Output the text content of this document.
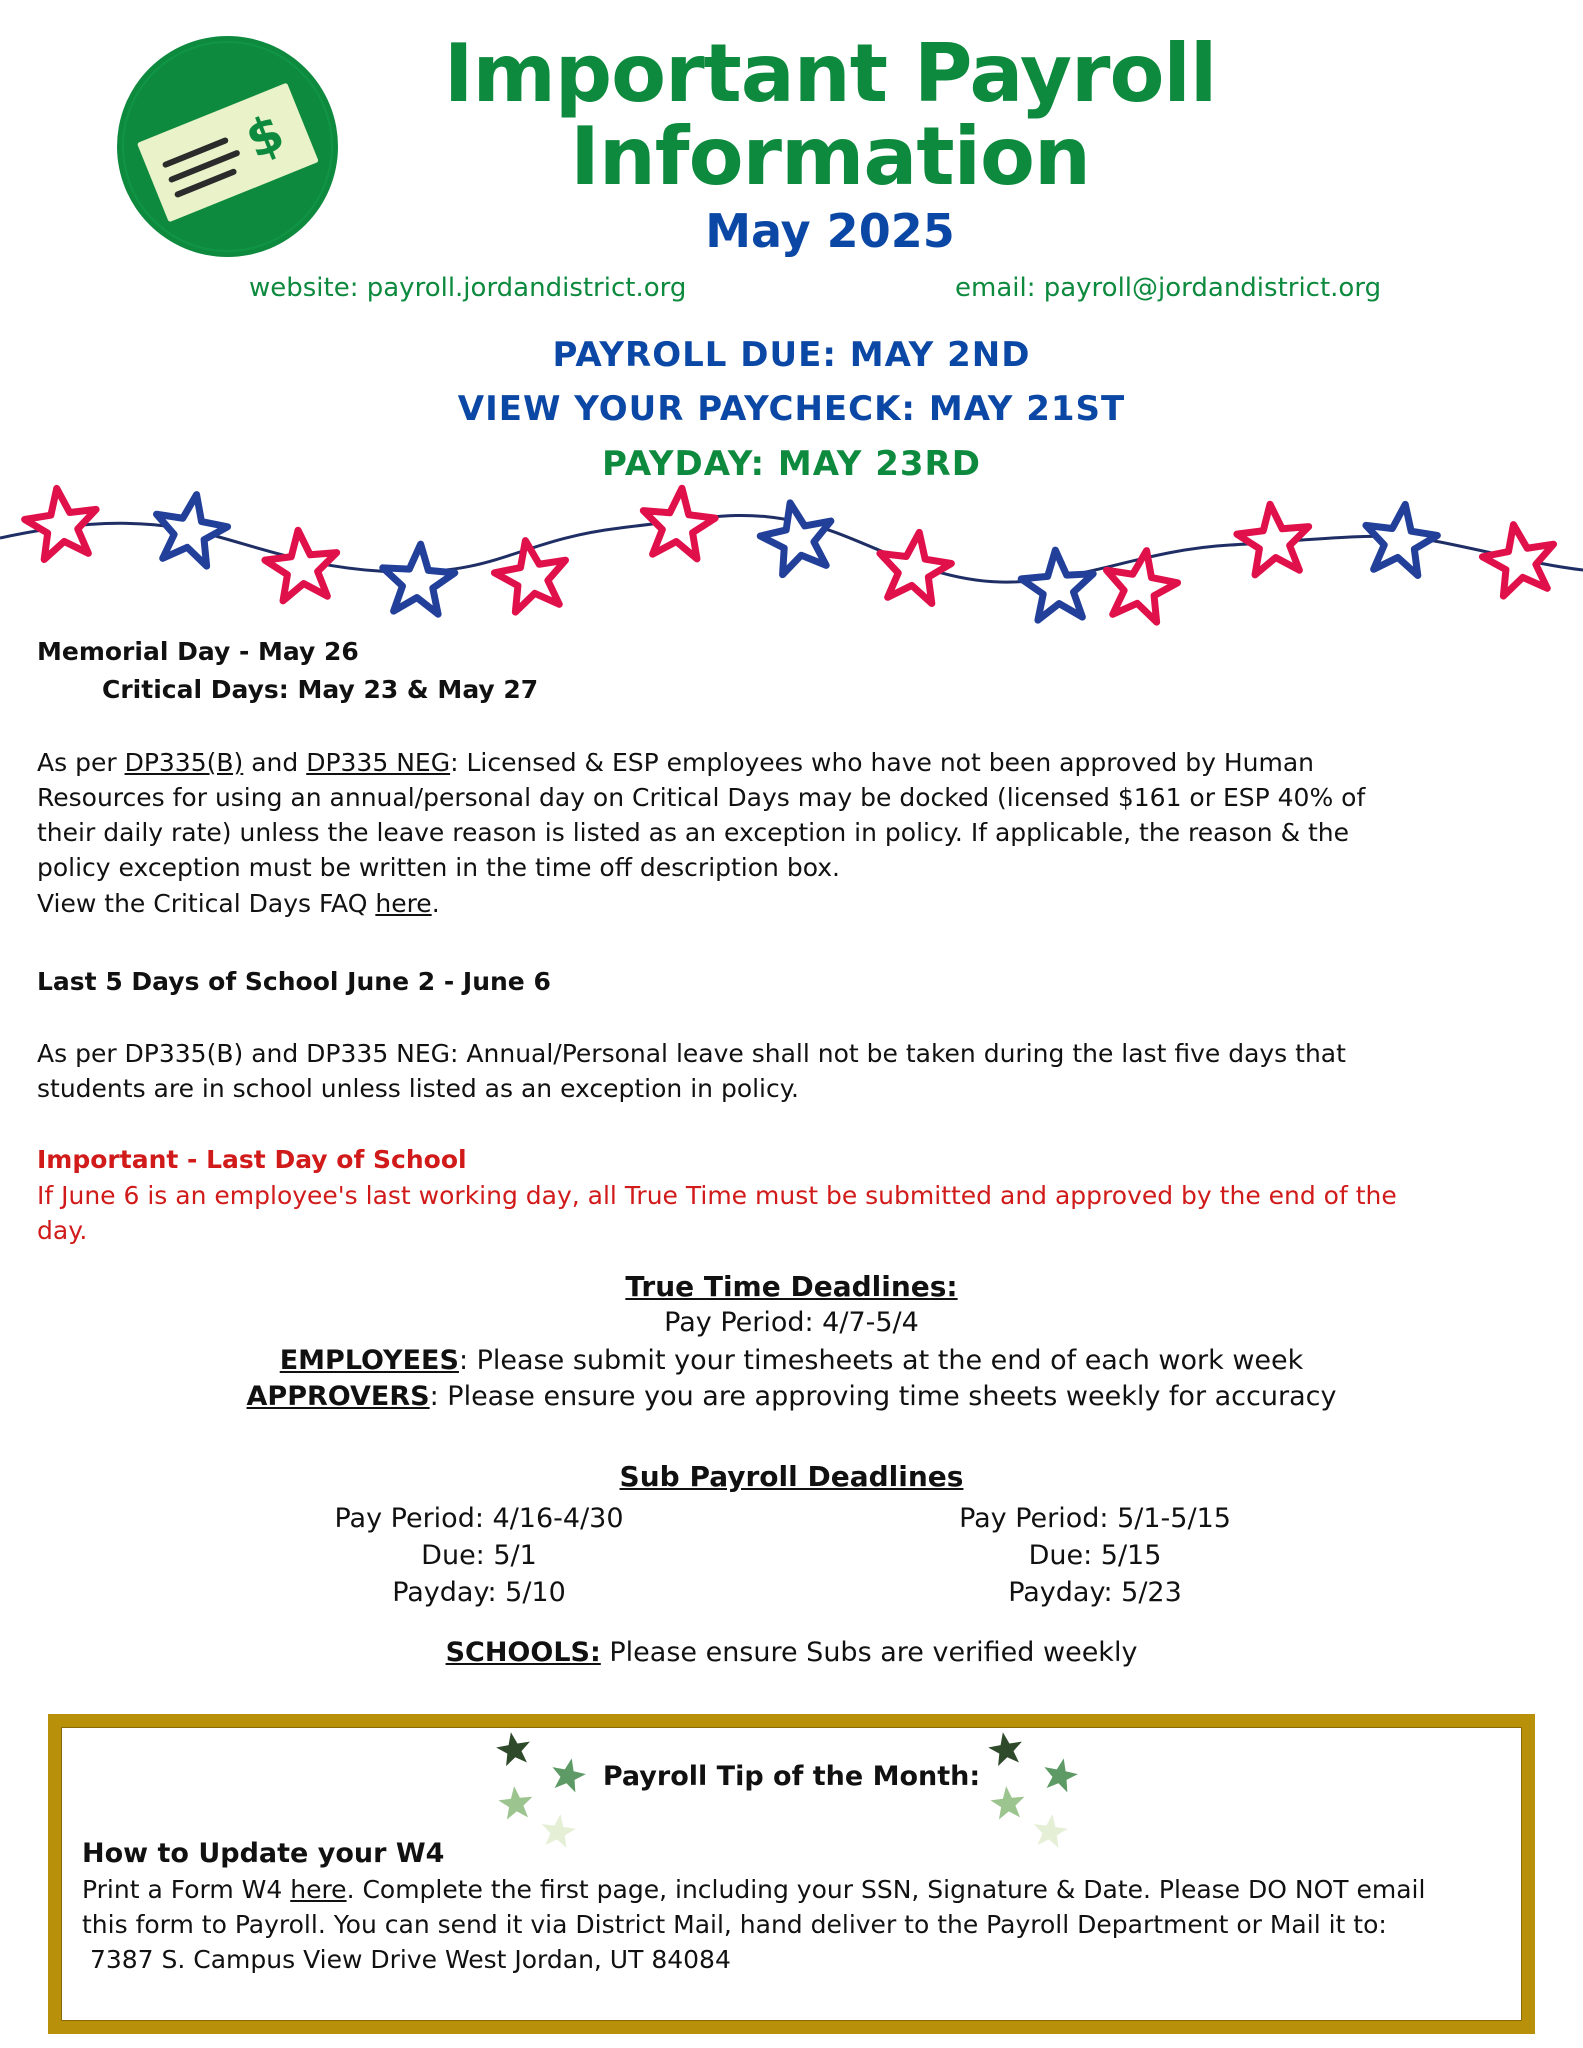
$
Important Payroll
Information
May 2025
website: payroll.jordandistrict.org	email: payroll@jordandistrict.org
PAYROLL DUE: MAY 2ND
VIEW YOUR PAYCHECK: MAY 21ST
PAYDAY: MAY 23RD
Memorial Day - May 26
Critical Days: May 23 & May 27
As per DP335(B) and DP335 NEG: Licensed & ESP employees who have not been approved by Human
Resources for using an annual/personal day on Critical Days may be docked (licensed $161 or ESP 40% of
their daily rate) unless the leave reason is listed as an exception in policy. If applicable, the reason & the
policy exception must be written in the time off description box.
View the Critical Days FAQ here.
Last 5 Days of School June 2 - June 6
As per DP335(B) and DP335 NEG: Annual/Personal leave shall not be taken during the last five days that
students are in school unless listed as an exception in policy.
Important - Last Day of School
If June 6 is an employee's last working day, all True Time must be submitted and approved by the end of the
day.
True Time Deadlines:
Pay Period: 4/7-5/4
EMPLOYEES: Please submit your timesheets at the end of each work week
APPROVERS: Please ensure you are approving time sheets weekly for accuracy
Sub Payroll Deadlines
Pay Period: 4/16-4/30
Due: 5/1
Payday: 5/10
Pay Period: 5/1-5/15
Due: 5/15
Payday: 5/23
SCHOOLS: Please ensure Subs are verified weekly
Payroll Tip of the Month:
How to Update your W4
Print a Form W4 here. Complete the first page, including your SSN, Signature & Date. Please DO NOT email
this form to Payroll. You can send it via District Mail, hand deliver to the Payroll Department or Mail it to:
7387 S. Campus View Drive West Jordan, UT 84084
